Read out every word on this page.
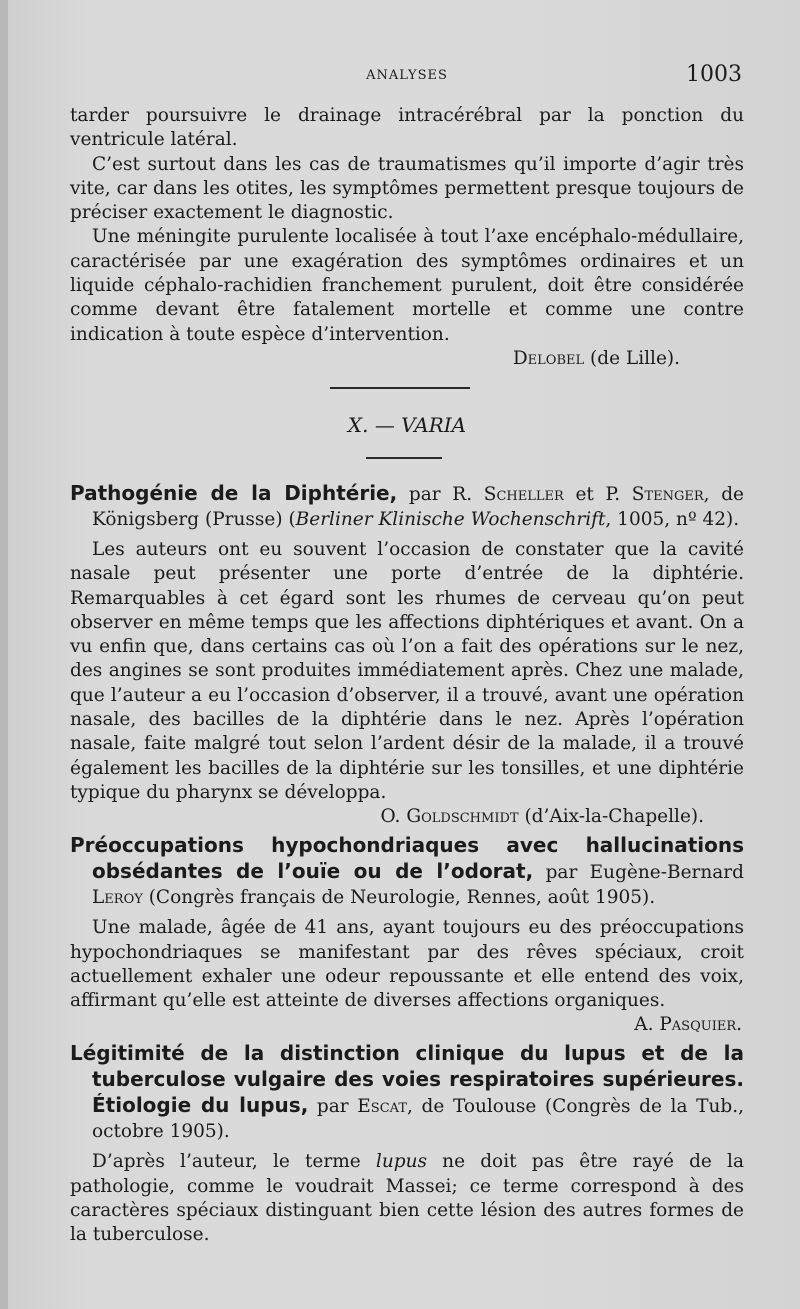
ANALYSES	1003

tarder poursuivre le drainage intracérébral par la ponction du ventricule latéral.

C’est surtout dans les cas de traumatismes qu’il importe d’agir très vite, car dans les otites, les symptômes permettent presque toujours de préciser exactement le diagnostic.

Une méningite purulente localisée à tout l’axe encéphalo-médullaire, caractérisée par une exagération des symptômes ordinaires et un liquide céphalo-rachidien franchement purulent, doit être considérée comme devant être fatalement mortelle et comme une contre indication à toute espèce d’intervention.

Delobel (de Lille).
X. — VARIA
Pathogénie de la Diphtérie, par R. Scheller et P. Stenger, de Königsberg (Prusse) (Berliner Klinische Wochenschrift, 1005, nº 42).

Les auteurs ont eu souvent l’occasion de constater que la cavité nasale peut présenter une porte d’entrée de la diphtérie. Remarquables à cet égard sont les rhumes de cerveau qu’on peut observer en même temps que les affections diphtériques et avant. On a vu enfin que, dans certains cas où l’on a fait des opérations sur le nez, des angines se sont produites immédiatement après. Chez une malade, que l’auteur a eu l’occasion d’observer, il a trouvé, avant une opération nasale, des bacilles de la diphtérie dans le nez. Après l’opération nasale, faite malgré tout selon l’ardent désir de la malade, il a trouvé également les bacilles de la diphtérie sur les tonsilles, et une diphtérie typique du pharynx se développa.

O. Goldschmidt (d’Aix-la-Chapelle).
Préoccupations hypochondriaques avec hallucinations obsédantes de l’ouïe ou de l’odorat, par Eugène-Bernard Leroy (Congrès français de Neurologie, Rennes, août 1905).

Une malade, âgée de 41 ans, ayant toujours eu des préoccupations hypochondriaques se manifestant par des rêves spéciaux, croit actuellement exhaler une odeur repoussante et elle entend des voix, affirmant qu’elle est atteinte de diverses affections organiques.

A. Pasquier.
Légitimité de la distinction clinique du lupus et de la tuberculose vulgaire des voies respiratoires supérieures. Étiologie du lupus, par Escat, de Toulouse (Congrès de la Tub., octobre 1905).

D’après l’auteur, le terme lupus ne doit pas être rayé de la pathologie, comme le voudrait Massei; ce terme correspond à des caractères spéciaux distinguant bien cette lésion des autres formes de la tuberculose.
